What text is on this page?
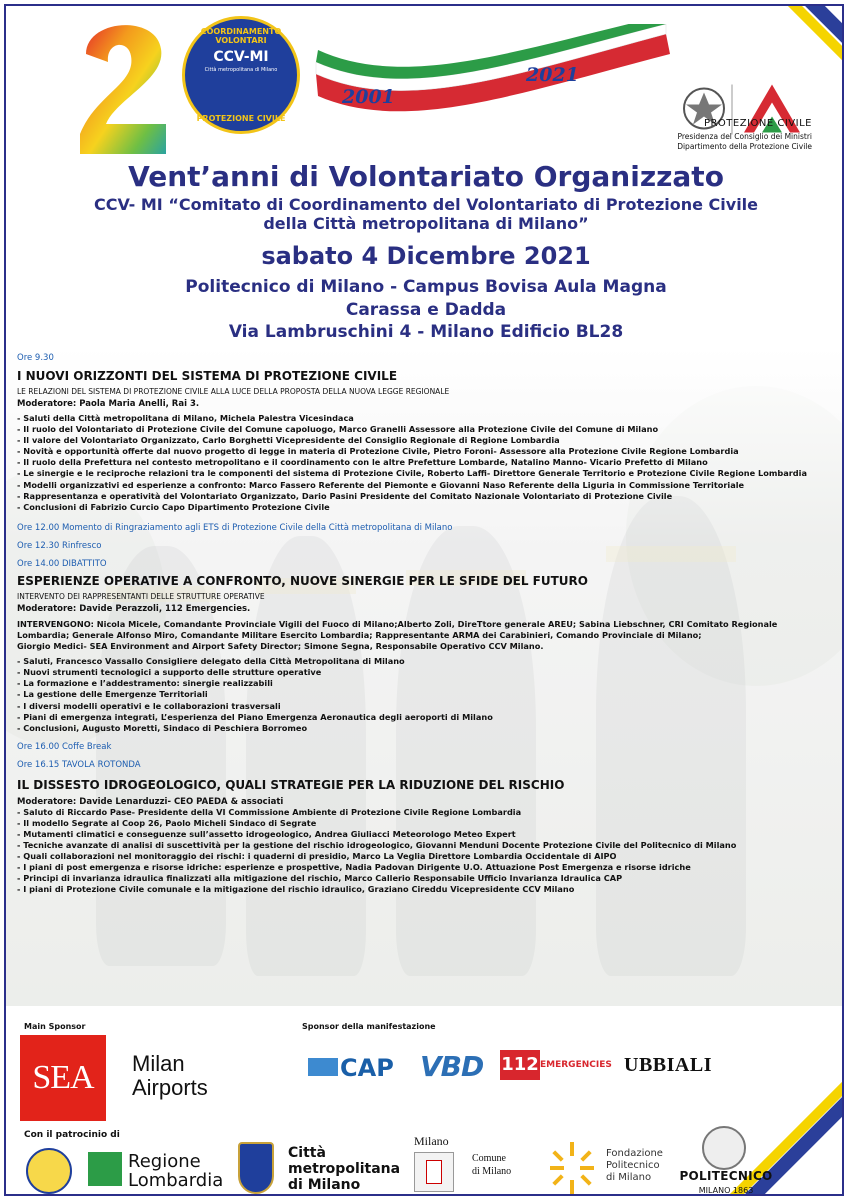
COORDINAMENTO VOLONTARI
CCV-MI
Città metropolitana di Milano
PROTEZIONE CIVILE
2001
2021
PROTEZIONE CIVILE
Presidenza del Consiglio dei Ministri
Dipartimento della Protezione Civile
Vent’anni di Volontariato Organizzato
CCV- MI “Comitato di Coordinamento del Volontariato di Protezione Civile
della Città metropolitana di Milano”
sabato 4 Dicembre 2021
Politecnico di Milano - Campus Bovisa Aula Magna
Carassa e Dadda
Via Lambruschini 4 - Milano Edificio BL28
Ore 9.30
I NUOVI ORIZZONTI DEL SISTEMA DI PROTEZIONE CIVILE
LE RELAZIONI DEL SISTEMA DI PROTEZIONE CIVILE ALLA LUCE DELLA PROPOSTA DELLA NUOVA LEGGE REGIONALE
Moderatore: Paola Maria Anelli, Rai 3.
- Saluti della Città metropolitana di Milano, Michela Palestra Vicesindaca
- Il ruolo del Volontariato di Protezione Civile del Comune capoluogo, Marco Granelli Assessore alla Protezione Civile del Comune di Milano
- Il valore del Volontariato Organizzato, Carlo Borghetti Vicepresidente del Consiglio Regionale di Regione Lombardia
- Novità e opportunità offerte dal nuovo progetto di legge in materia di Protezione Civile, Pietro Foroni- Assessore alla Protezione Civile Regione Lombardia
- Il ruolo della Prefettura nel contesto metropolitano e il coordinamento con le altre Prefetture Lombarde, Natalino Manno- Vicario Prefetto di Milano
- Le sinergie e le reciproche relazioni tra le componenti del sistema di Protezione Civile, Roberto Laffi- Direttore Generale Territorio e Protezione Civile Regione Lombardia
- Modelli organizzativi ed esperienze a confronto: Marco Fassero Referente del Piemonte e Giovanni Naso Referente della Liguria in Commissione Territoriale
- Rappresentanza e operatività del Volontariato Organizzato, Dario Pasini Presidente del Comitato Nazionale Volontariato di Protezione Civile
- Conclusioni di Fabrizio Curcio Capo Dipartimento Protezione Civile
Ore 12.00 Momento di Ringraziamento agli ETS di Protezione Civile della Città metropolitana di Milano
Ore 12.30 Rinfresco
Ore 14.00 DIBATTITO
ESPERIENZE OPERATIVE A CONFRONTO, NUOVE SINERGIE PER LE SFIDE DEL FUTURO
INTERVENTO DEI RAPPRESENTANTI DELLE STRUTTURE OPERATIVE
Moderatore: Davide Perazzoli, 112 Emergencies.
INTERVENGONO: Nicola Micele, Comandante Provinciale Vigili del Fuoco di Milano;Alberto Zoli, DirеТtore generale AREU; Sabina Liebschner, CRI Comitato Regionale
Lombardia; Generale Alfonso Miro, Comandante Militare Esercito Lombardia; Rappresentante ARMA dei Carabinieri, Comando Provinciale di Milano;
Giorgio Medici- SEA Environment and Airport Safety Director; Simone Segna, Responsabile Operativo CCV Milano.
- Saluti, Francesco Vassallo Consigliere delegato della Città Metropolitana di Milano
- Nuovi strumenti tecnologici a supporto delle strutture operative
- La formazione e l’addestramento: sinergie realizzabili
- La gestione delle Emergenze Territoriali
- I diversi modelli operativi e le collaborazioni trasversali
- Piani di emergenza integrati, L’esperienza del Piano Emergenza Aeronautica degli aeroporti di Milano
- Conclusioni, Augusto Moretti, Sindaco di Peschiera Borromeo
Ore 16.00 Coffe Break
Ore 16.15 TAVOLA ROTONDA
IL DISSESTO IDROGEOLOGICO, QUALI STRATEGIE PER LA RIDUZIONE DEL RISCHIO
Moderatore: Davide Lenarduzzi- CEO PAEDA & associati
- Saluto di Riccardo Pase- Presidente della VI Commissione Ambiente di Protezione Civile Regione Lombardia
- Il modello Segrate al Coop 26, Paolo Micheli Sindaco di Segrate
- Mutamenti climatici e conseguenze sull’assetto idrogeologico, Andrea Giuliacci Meteorologo Meteo Expert
- Tecniche avanzate di analisi di suscettività per la gestione del rischio idrogeologico, Giovanni Menduni Docente Protezione Civile del Politecnico di Milano
- Quali collaborazioni nel monitoraggio dei rischi: i quaderni di presidio, Marco La Veglia Direttore Lombardia Occidentale di AIPO
- I piani di post emergenza e risorse idriche: esperienze e prospettive, Nadia Padovan Dirigente U.O. Attuazione Post Emergenza e risorse idriche
- Principi di invarianza idraulica finalizzati alla mitigazione del rischio, Marco Callerio Responsabile Ufficio Invarianza Idraulica CAP
- I piani di Protezione Civile comunale e la mitigazione del rischio idraulico, Graziano Cireddu Vicepresidente CCV Milano
Main Sponsor	Sponsor della manifestazione
SEA	Milan
Airports
CAP VBD 112 EMERGENCIES UBBIALI
Con il patrocinio di
Regione
Lombardia
Città
metropolitana
di Milano
Milano
Comune
di Milano
Fondazione
Politecnico
di Milano	POLITECNICO
MILANO 1863
